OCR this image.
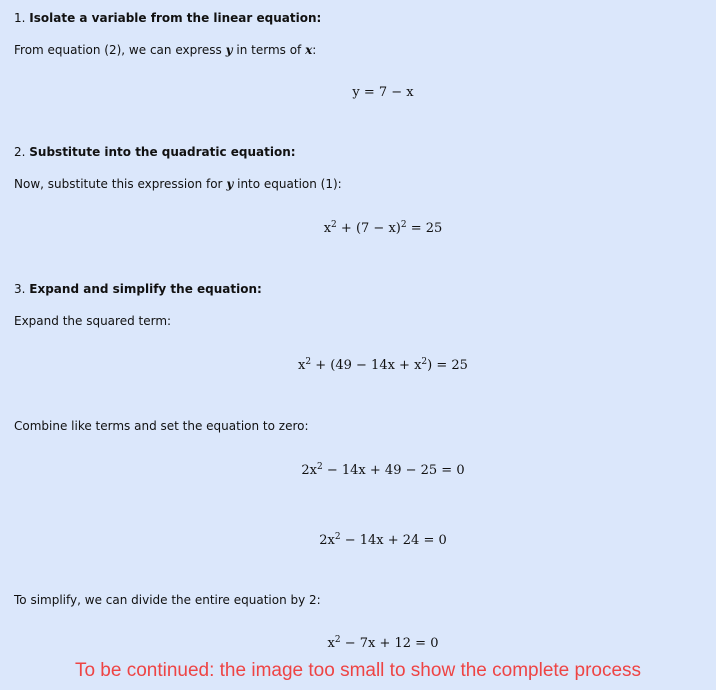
1. Isolate a variable from the linear equation:
From equation (2), we can express y in terms of x:
y = 7 − x
2. Substitute into the quadratic equation:
Now, substitute this expression for y into equation (1):
$x^2 + (7 - x)^2 = 25$
3. Expand and simplify the equation:
Expand the squared term:
$x^2 + (49 - 14x + x^2) = 25$
Combine like terms and set the equation to zero:
$2x^2 - 14x + 49 - 25 = 0$
$2x^2 - 14x + 24 = 0$
To simplify, we can divide the entire equation by 2:
$x^2 - 7x + 12 = 0$
To be continued: the image too small to show the complete process
